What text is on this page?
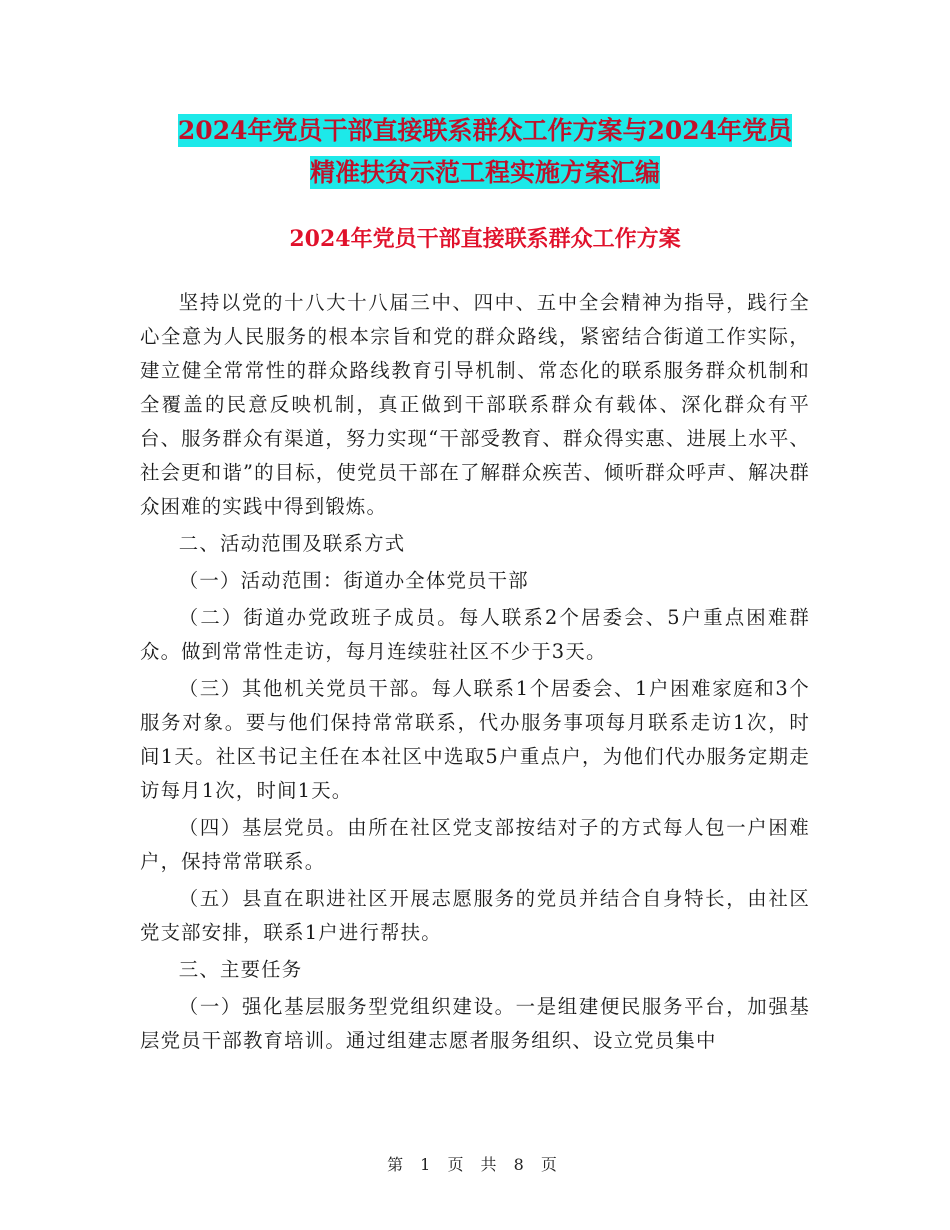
2024年党员干部直接联系群众工作方案与2024年党员
精准扶贫示范工程实施方案汇编
2024年党员干部直接联系群众工作方案

坚持以党的十八大十八届三中、四中、五中全会精神为指导，践行全心全意为人民服务的根本宗旨和党的群众路线，紧密结合街道工作实际，建立健全常常性的群众路线教育引导机制、常态化的联系服务群众机制和全覆盖的民意反映机制，真正做到干部联系群众有载体、深化群众有平台、服务群众有渠道，努力实现“干部受教育、群众得实惠、进展上水平、社会更和谐”的目标，使党员干部在了解群众疾苦、倾听群众呼声、解决群众困难的实践中得到锻炼。

二、活动范围及联系方式

（一）活动范围：街道办全体党员干部

（二）街道办党政班子成员。每人联系2个居委会、5户重点困难群众。做到常常性走访，每月连续驻社区不少于3天。

（三）其他机关党员干部。每人联系1个居委会、1户困难家庭和3个服务对象。要与他们保持常常联系，代办服务事项每月联系走访1次，时间1天。社区书记主任在本社区中选取5户重点户，为他们代办服务定期走访每月1次，时间1天。

（四）基层党员。由所在社区党支部按结对子的方式每人包一户困难户，保持常常联系。

（五）县直在职进社区开展志愿服务的党员并结合自身特长，由社区党支部安排，联系1户进行帮扶。

三、主要任务

（一）强化基层服务型党组织建设。一是组建便民服务平台，加强基层党员干部教育培训。通过组建志愿者服务组织、设立党员集中

第 1 页 共 8 页
